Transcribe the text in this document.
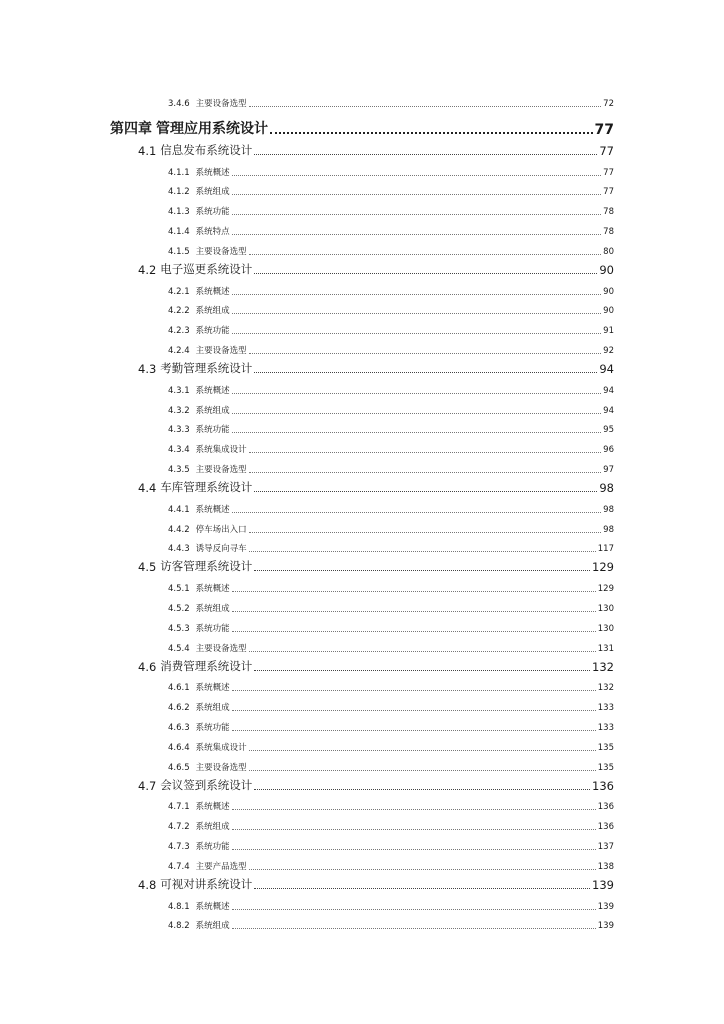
3.4.6 主要设备选型	72
第四章 管理应用系统设计	77
4.1 信息发布系统设计	77
4.1.1 系统概述	77
4.1.2 系统组成	77
4.1.3 系统功能	78
4.1.4 系统特点	78
4.1.5 主要设备选型	80
4.2 电子巡更系统设计	90
4.2.1 系统概述	90
4.2.2 系统组成	90
4.2.3 系统功能	91
4.2.4 主要设备选型	92
4.3 考勤管理系统设计	94
4.3.1 系统概述	94
4.3.2 系统组成	94
4.3.3 系统功能	95
4.3.4 系统集成设计	96
4.3.5 主要设备选型	97
4.4 车库管理系统设计	98
4.4.1 系统概述	98
4.4.2 停车场出入口	98
4.4.3 诱导反向寻车	117
4.5 访客管理系统设计	129
4.5.1 系统概述	129
4.5.2 系统组成	130
4.5.3 系统功能	130
4.5.4 主要设备选型	131
4.6 消费管理系统设计	132
4.6.1 系统概述	132
4.6.2 系统组成	133
4.6.3 系统功能	133
4.6.4 系统集成设计	135
4.6.5 主要设备选型	135
4.7 会议签到系统设计	136
4.7.1 系统概述	136
4.7.2 系统组成	136
4.7.3 系统功能	137
4.7.4 主要产品选型	138
4.8 可视对讲系统设计	139
4.8.1 系统概述	139
4.8.2 系统组成	139
